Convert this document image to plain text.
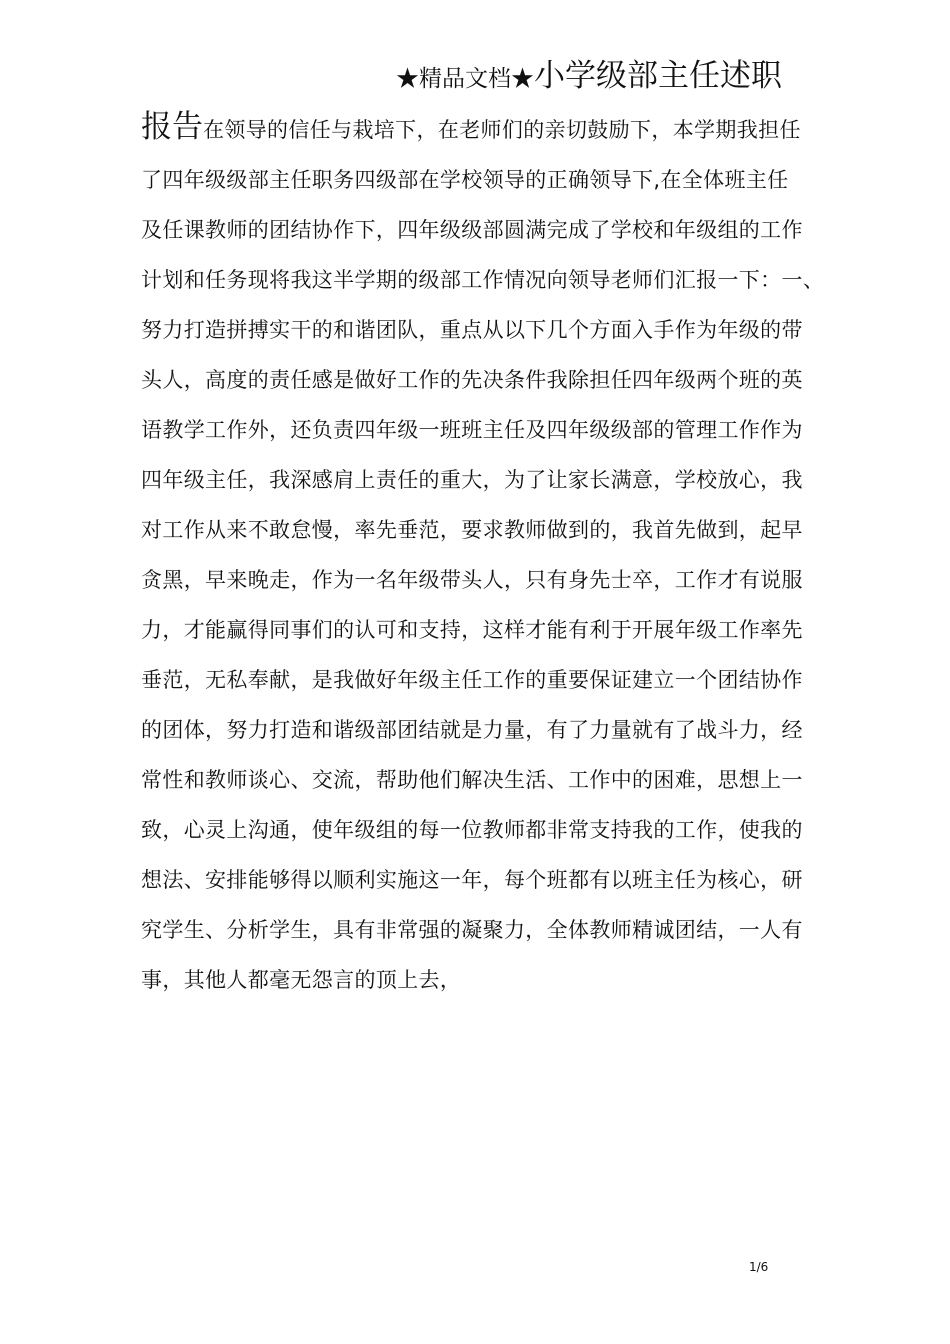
★精品文档★小学级部主任述职
报告在领导的信任与栽培下，在老师们的亲切鼓励下，本学期我担任
了四年级级部主任职务四级部在学校领导的正确领导下,在全体班主任
及任课教师的团结协作下，四年级级部圆满完成了学校和年级组的工作
计划和任务现将我这半学期的级部工作情况向领导老师们汇报一下：一、
努力打造拼搏实干的和谐团队，重点从以下几个方面入手作为年级的带
头人，高度的责任感是做好工作的先决条件我除担任四年级两个班的英
语教学工作外，还负责四年级一班班主任及四年级级部的管理工作作为
四年级主任，我深感肩上责任的重大，为了让家长满意，学校放心，我
对工作从来不敢怠慢，率先垂范，要求教师做到的，我首先做到，起早
贪黑，早来晚走，作为一名年级带头人，只有身先士卒，工作才有说服
力，才能赢得同事们的认可和支持，这样才能有利于开展年级工作率先
垂范，无私奉献，是我做好年级主任工作的重要保证建立一个团结协作
的团体，努力打造和谐级部团结就是力量，有了力量就有了战斗力，经
常性和教师谈心、交流，帮助他们解决生活、工作中的困难，思想上一
致，心灵上沟通，使年级组的每一位教师都非常支持我的工作，使我的
想法、安排能够得以顺利实施这一年，每个班都有以班主任为核心，研
究学生、分析学生，具有非常强的凝聚力，全体教师精诚团结，一人有
事，其他人都毫无怨言的顶上去，
1/6
